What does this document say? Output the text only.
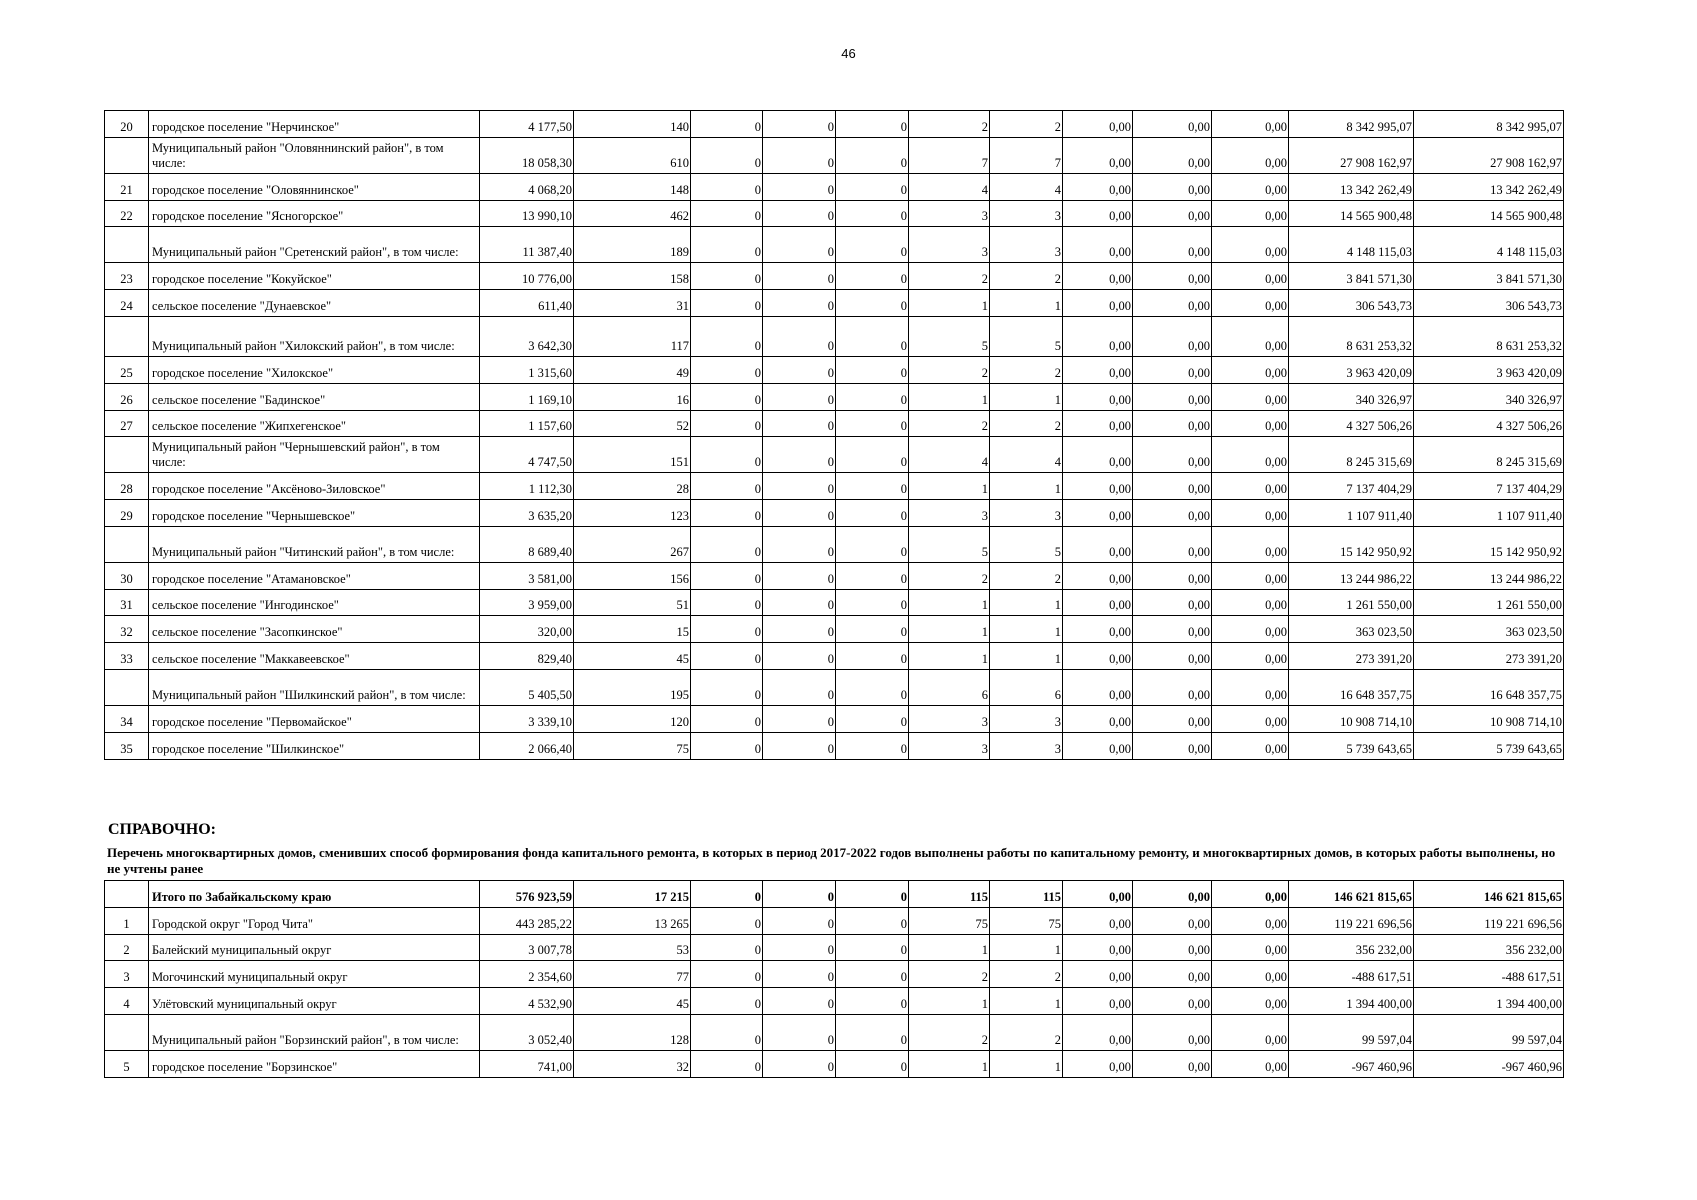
46
20	городское поселение "Нерчинское"	4 177,50	140	0	0	0	2	2	0,00	0,00	0,00	8 342 995,07	8 342 995,07
	Муниципальный район "Оловяннинский район", в том числе:	18 058,30	610	0	0	0	7	7	0,00	0,00	0,00	27 908 162,97	27 908 162,97
21	городское поселение "Оловяннинское"	4 068,20	148	0	0	0	4	4	0,00	0,00	0,00	13 342 262,49	13 342 262,49
22	городское поселение "Ясногорское"	13 990,10	462	0	0	0	3	3	0,00	0,00	0,00	14 565 900,48	14 565 900,48
	Муниципальный район "Сретенский район", в том числе:	11 387,40	189	0	0	0	3	3	0,00	0,00	0,00	4 148 115,03	4 148 115,03
23	городское поселение "Кокуйское"	10 776,00	158	0	0	0	2	2	0,00	0,00	0,00	3 841 571,30	3 841 571,30
24	сельское поселение "Дунаевское"	611,40	31	0	0	0	1	1	0,00	0,00	0,00	306 543,73	306 543,73
	Муниципальный район "Хилокский район", в том числе:	3 642,30	117	0	0	0	5	5	0,00	0,00	0,00	8 631 253,32	8 631 253,32
25	городское поселение "Хилокское"	1 315,60	49	0	0	0	2	2	0,00	0,00	0,00	3 963 420,09	3 963 420,09
26	сельское поселение "Бадинское"	1 169,10	16	0	0	0	1	1	0,00	0,00	0,00	340 326,97	340 326,97
27	сельское поселение "Жипхегенское"	1 157,60	52	0	0	0	2	2	0,00	0,00	0,00	4 327 506,26	4 327 506,26
	Муниципальный район "Чернышевский район", в том числе:	4 747,50	151	0	0	0	4	4	0,00	0,00	0,00	8 245 315,69	8 245 315,69
28	городское поселение "Аксёново-Зиловское"	1 112,30	28	0	0	0	1	1	0,00	0,00	0,00	7 137 404,29	7 137 404,29
29	городское поселение "Чернышевское"	3 635,20	123	0	0	0	3	3	0,00	0,00	0,00	1 107 911,40	1 107 911,40
	Муниципальный район "Читинский район", в том числе:	8 689,40	267	0	0	0	5	5	0,00	0,00	0,00	15 142 950,92	15 142 950,92
30	городское поселение "Атамановское"	3 581,00	156	0	0	0	2	2	0,00	0,00	0,00	13 244 986,22	13 244 986,22
31	сельское поселение "Ингодинское"	3 959,00	51	0	0	0	1	1	0,00	0,00	0,00	1 261 550,00	1 261 550,00
32	сельское поселение "Засопкинское"	320,00	15	0	0	0	1	1	0,00	0,00	0,00	363 023,50	363 023,50
33	сельское поселение "Маккавеевское"	829,40	45	0	0	0	1	1	0,00	0,00	0,00	273 391,20	273 391,20
	Муниципальный район "Шилкинский район", в том числе:	5 405,50	195	0	0	0	6	6	0,00	0,00	0,00	16 648 357,75	16 648 357,75
34	городское поселение "Первомайское"	3 339,10	120	0	0	0	3	3	0,00	0,00	0,00	10 908 714,10	10 908 714,10
35	городское поселение "Шилкинское"	2 066,40	75	0	0	0	3	3	0,00	0,00	0,00	5 739 643,65	5 739 643,65
СПРАВОЧНО:
Перечень многоквартирных домов, сменивших способ формирования фонда капитального ремонта, в которых в период 2017-2022 годов выполнены работы по капитальному ремонту, и многоквартирных домов, в которых работы выполнены, но не учтены ранее
	Итого по Забайкальскому краю	576 923,59	17 215	0	0	0	115	115	0,00	0,00	0,00	146 621 815,65	146 621 815,65
1	Городской округ "Город Чита"	443 285,22	13 265	0	0	0	75	75	0,00	0,00	0,00	119 221 696,56	119 221 696,56
2	Балейский муниципальный округ	3 007,78	53	0	0	0	1	1	0,00	0,00	0,00	356 232,00	356 232,00
3	Могочинский муниципальный округ	2 354,60	77	0	0	0	2	2	0,00	0,00	0,00	-488 617,51	-488 617,51
4	Улётовский муниципальный округ	4 532,90	45	0	0	0	1	1	0,00	0,00	0,00	1 394 400,00	1 394 400,00
	Муниципальный район "Борзинский район", в том числе:	3 052,40	128	0	0	0	2	2	0,00	0,00	0,00	99 597,04	99 597,04
5	городское поселение "Борзинское"	741,00	32	0	0	0	1	1	0,00	0,00	0,00	-967 460,96	-967 460,96
